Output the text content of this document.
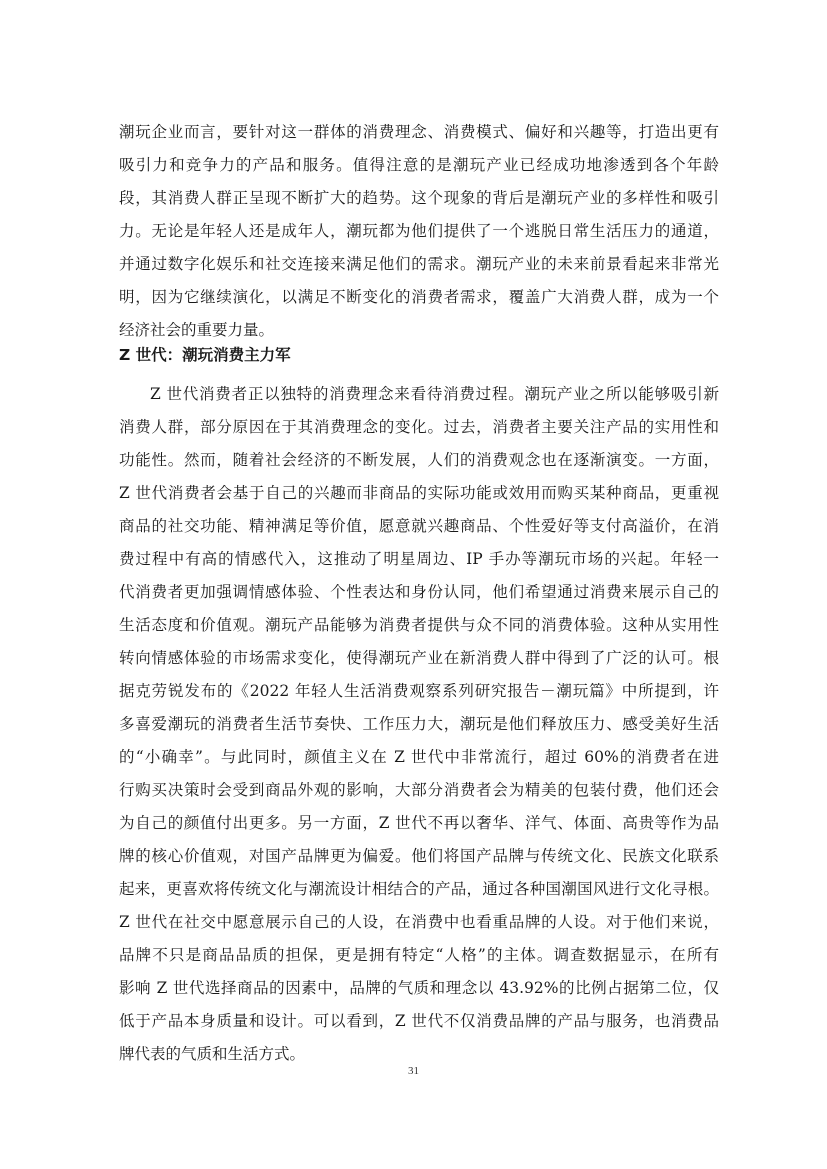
潮玩企业而言，要针对这一群体的消费理念、消费模式、偏好和兴趣等，打造出更有
吸引力和竞争力的产品和服务。值得注意的是潮玩产业已经成功地渗透到各个年龄
段，其消费人群正呈现不断扩大的趋势。这个现象的背后是潮玩产业的多样性和吸引
力。无论是年轻人还是成年人，潮玩都为他们提供了一个逃脱日常生活压力的通道，
并通过数字化娱乐和社交连接来满足他们的需求。潮玩产业的未来前景看起来非常光
明，因为它继续演化，以满足不断变化的消费者需求，覆盖广大消费人群，成为一个
经济社会的重要力量。
Z 世代：潮玩消费主力军
Z 世代消费者正以独特的消费理念来看待消费过程。潮玩产业之所以能够吸引新
消费人群，部分原因在于其消费理念的变化。过去，消费者主要关注产品的实用性和
功能性。然而，随着社会经济的不断发展，人们的消费观念也在逐渐演变。一方面，
Z 世代消费者会基于自己的兴趣而非商品的实际功能或效用而购买某种商品，更重视
商品的社交功能、精神满足等价值，愿意就兴趣商品、个性爱好等支付高溢价，在消
费过程中有高的情感代入，这推动了明星周边、IP 手办等潮玩市场的兴起。年轻一
代消费者更加强调情感体验、个性表达和身份认同，他们希望通过消费来展示自己的
生活态度和价值观。潮玩产品能够为消费者提供与众不同的消费体验。这种从实用性
转向情感体验的市场需求变化，使得潮玩产业在新消费人群中得到了广泛的认可。根
据克劳锐发布的《2022 年轻人生活消费观察系列研究报告－潮玩篇》中所提到，许
多喜爱潮玩的消费者生活节奏快、工作压力大，潮玩是他们释放压力、感受美好生活
的“小确幸”。与此同时，颜值主义在 Z 世代中非常流行，超过 60%的消费者在进
行购买决策时会受到商品外观的影响，大部分消费者会为精美的包装付费，他们还会
为自己的颜值付出更多。另一方面，Z 世代不再以奢华、洋气、体面、高贵等作为品
牌的核心价值观，对国产品牌更为偏爱。他们将国产品牌与传统文化、民族文化联系
起来，更喜欢将传统文化与潮流设计相结合的产品，通过各种国潮国风进行文化寻根。
Z 世代在社交中愿意展示自己的人设，在消费中也看重品牌的人设。对于他们来说，
品牌不只是商品品质的担保，更是拥有特定“人格”的主体。调查数据显示，在所有
影响 Z 世代选择商品的因素中，品牌的气质和理念以 43.92%的比例占据第二位，仅
低于产品本身质量和设计。可以看到，Z 世代不仅消费品牌的产品与服务，也消费品
牌代表的气质和生活方式。
31
